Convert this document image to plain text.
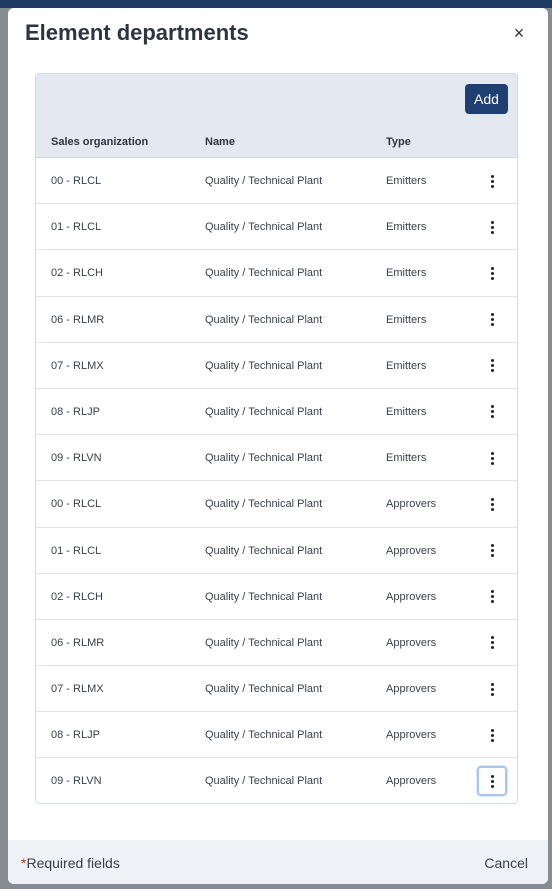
Element departments	×
Add
Sales organization	Name	Type
00 - RLCL	Quality / Technical Plant	Emitters
01 - RLCL	Quality / Technical Plant	Emitters
02 - RLCH	Quality / Technical Plant	Emitters
06 - RLMR	Quality / Technical Plant	Emitters
07 - RLMX	Quality / Technical Plant	Emitters
08 - RLJP	Quality / Technical Plant	Emitters
09 - RLVN	Quality / Technical Plant	Emitters
00 - RLCL	Quality / Technical Plant	Approvers
01 - RLCL	Quality / Technical Plant	Approvers
02 - RLCH	Quality / Technical Plant	Approvers
06 - RLMR	Quality / Technical Plant	Approvers
07 - RLMX	Quality / Technical Plant	Approvers
08 - RLJP	Quality / Technical Plant	Approvers
09 - RLVN	Quality / Technical Plant	Approvers
*Required fields	Cancel
